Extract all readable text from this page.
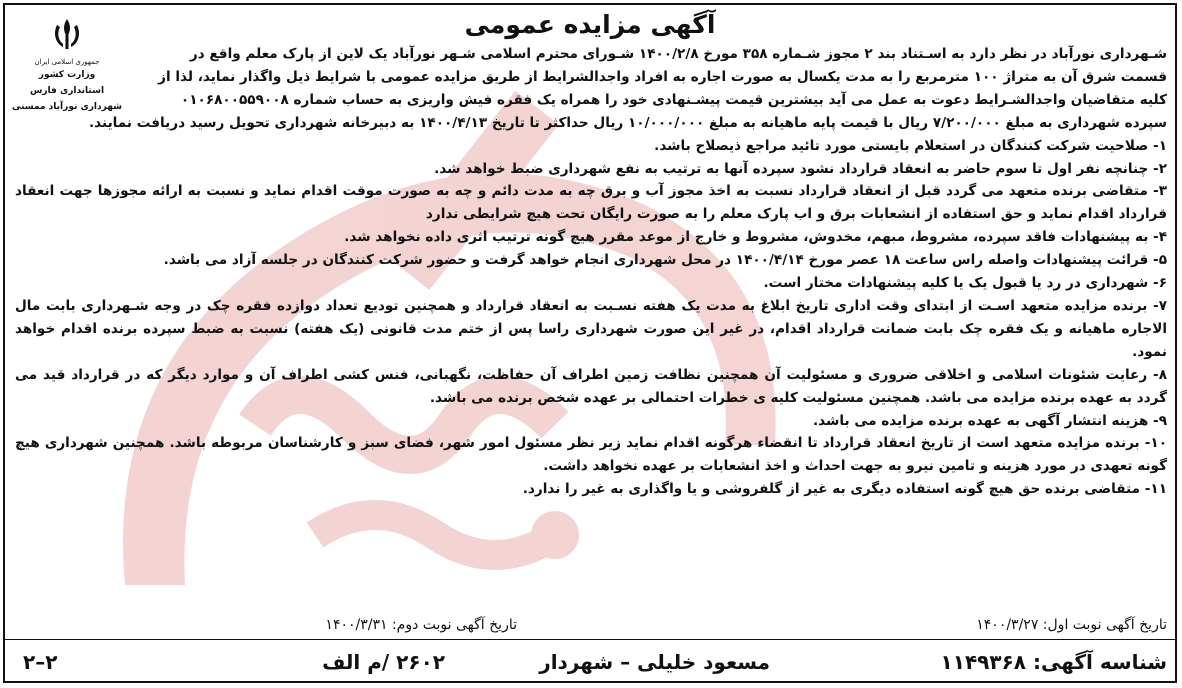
جمهوری اسلامی ایران
وزارت کشور
استانداری فارس
شهرداری نورآباد ممسنی
آگهی مزایده عمومی

شـهرداری نورآباد در نظر دارد به اسـتناد بند ۲ مجوز شـماره ۳۵۸ مورخ ۱۴۰۰/۲/۸ شـورای محترم اسلامی شـهر نورآباد یک لاین از پارک معلم واقع در
قسمت شرق آن به متراژ ۱۰۰ مترمربع را به مدت یکسال به صورت اجاره به افراد واجدالشرایط از طریق مزایده عمومی با شرایط ذیل واگذار نماید، لذا از
کلیه متقاضیان واجدالشـرایط دعوت به عمل می آید بیشترین قیمت پیشـنهادی خود را همراه یک فقره فیش واریزی به حساب شماره ۰۱۰۶۸۰۰۵۵۹۰۰۸
سپرده شهرداری به مبلغ ۷/۲۰۰/۰۰۰ ریال با قیمت پایه ماهیانه به مبلغ ۱۰/۰۰۰/۰۰۰ ریال حداکثر تا تاریخ ۱۴۰۰/۴/۱۳ به دبیرخانه شهرداری تحویل رسید دریافت نمایند.

۱- صلاحیت شرکت کنندگان در استعلام بایستی مورد تائید مراجع ذیصلاح باشد.

۲- چنانچه نفر اول تا سوم حاضر به انعقاد قرارداد نشود سپرده آنها به ترتیب به نفع شهرداری ضبط خواهد شد.

۳- متقاضی برنده متعهد می گردد قبل از انعقاد قرارداد نسبت به اخذ مجوز آب و برق چه به مدت دائم و چه به صورت موقت اقدام نماید و نسبت به ارائه مجوزها جهت انعقاد قرارداد اقدام نماید و حق استفاده از انشعابات برق و اب پارک معلم را به صورت رایگان تحت هیچ شرایطی ندارد

۴- به پیشنهادات فاقد سپرده، مشروط، مبهم، مخدوش، مشروط و خارج از موعد مقرر هیچ گونه ترتیب اثری داده نخواهد شد.

۵- قرائت پیشنهادات واصله راس ساعت ۱۸ عصر مورخ ۱۴۰۰/۴/۱۴ در محل شهرداری انجام خواهد گرفت و حضور شرکت کنندگان در جلسه آزاد می باشد.

۶- شهرداری در رد یا قبول یک یا کلیه پیشنهادات مختار است.

۷- برنده مزایده متعهد اسـت از ابتدای وقت اداری تاریخ ابلاغ به مدت یک هفته نسـبت به انعقاد قرارداد و همچنین تودیع تعداد دوازده فقره چک در وجه شـهرداری بابت مال الاجاره ماهیانه و یک فقره چک بابت ضمانت قرارداد اقدام، در غیر این صورت شهرداری راسا پس از ختم مدت قانونی (یک هفته) نسبت به ضبط سپرده برنده اقدام خواهد نمود.

۸- رعایت شئونات اسلامی و اخلاقی ضروری و مسئولیت آن همچنین نظافت زمین اطراف آن حفاظت، نگهبانی، فنس کشی اطراف آن و موارد دیگر که در قرارداد قید می گردد به عهده برنده مزایده می باشد. همچنین مسئولیت کلیه ی خطرات احتمالی بر عهده شخص برنده می باشد.

۹- هزینه انتشار آگهی به عهده برنده مزایده می باشد.

۱۰- برنده مزایده متعهد است از تاریخ انعقاد قرارداد تا انقضاء هرگونه اقدام نماید زیر نظر مسئول امور شهر، فضای سبز و کارشناسان مربوطه باشد. همچنین شهرداری هیچ گونه تعهدی در مورد هزینه و تامین نیرو به جهت احداث و اخذ انشعابات بر عهده نخواهد داشت.

۱۱- متقاضی برنده حق هیچ گونه استفاده دیگری به غیر از گلفروشی و یا واگذاری به غیر را ندارد.

تاریخ آگهی نوبت اول: ۱۴۰۰/۳/۲۷
تاریخ آگهی نوبت دوم: ۱۴۰۰/۳/۳۱
شناسه آگهی: ۱۱۴۹۳۶۸
مسعود خلیلی – شهردار
۲۶۰۲ /م الف
۲–۲
